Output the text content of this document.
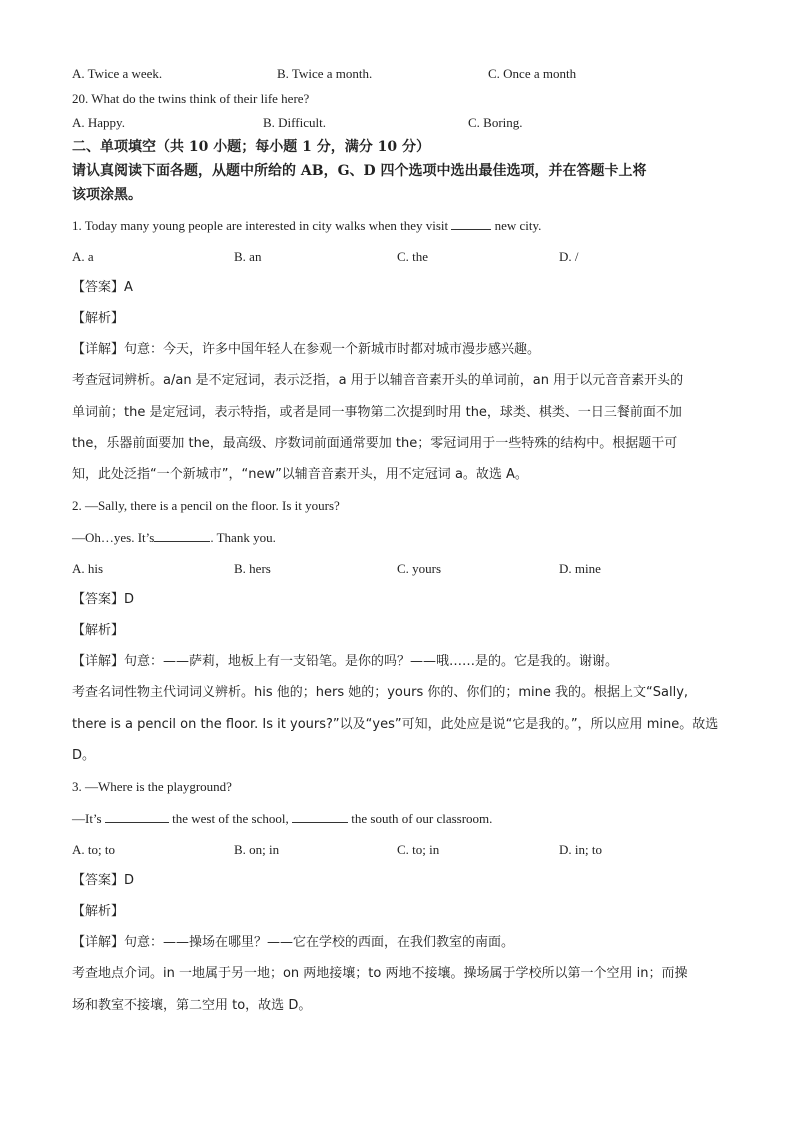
A. Twice a week.	B. Twice a month.	C. Once a month
20. What do the twins think of their life here?
A. Happy.	B. Difficult.	C. Boring.
二、单项填空（共 10 小题；每小题 1 分，满分 10 分）
请认真阅读下面各题，从题中所给的 AB，G、D 四个选项中选出最佳选项，并在答题卡上将
该项涂黑。
1. Today many young people are interested in city walks when they visit	new city.
A. a	B. an	C. the	D. /
【答案】A
【解析】
【详解】句意：今天，许多中国年轻人在参观一个新城市时都对城市漫步感兴趣。
考查冠词辨析。a/an 是不定冠词，表示泛指，a 用于以辅音音素开头的单词前，an 用于以元音音素开头的
单词前；the 是定冠词，表示特指，或者是同一事物第二次提到时用 the，球类、棋类、一日三餐前面不加
the，乐器前面要加 the，最高级、序数词前面通常要加 the；零冠词用于一些特殊的结构中。根据题干可
知，此处泛指“一个新城市”，“new”以辅音音素开头，用不定冠词 a。故选 A。
2. —Sally, there is a pencil on the floor. Is it yours?
—Oh…yes. It’s	. Thank you.
A. his	B. hers	C. yours	D. mine
【答案】D
【解析】
【详解】句意：——萨莉，地板上有一支铅笔。是你的吗？——哦……是的。它是我的。谢谢。
考查名词性物主代词词义辨析。his 他的；hers 她的；yours 你的、你们的；mine 我的。根据上文“Sally,
there is a pencil on the floor. Is it yours?”以及“yes”可知，此处应是说“它是我的。”，所以应用 mine。故选
D。
3. —Where is the playground?
—It’s	the west of the school,	the south of our classroom.
A. to; to	B. on; in	C. to; in	D. in; to
【答案】D
【解析】
【详解】句意：——操场在哪里？——它在学校的西面，在我们教室的南面。
考查地点介词。in 一地属于另一地；on 两地接壤；to 两地不接壤。操场属于学校所以第一个空用 in；而操
场和教室不接壤，第二空用 to，故选 D。
